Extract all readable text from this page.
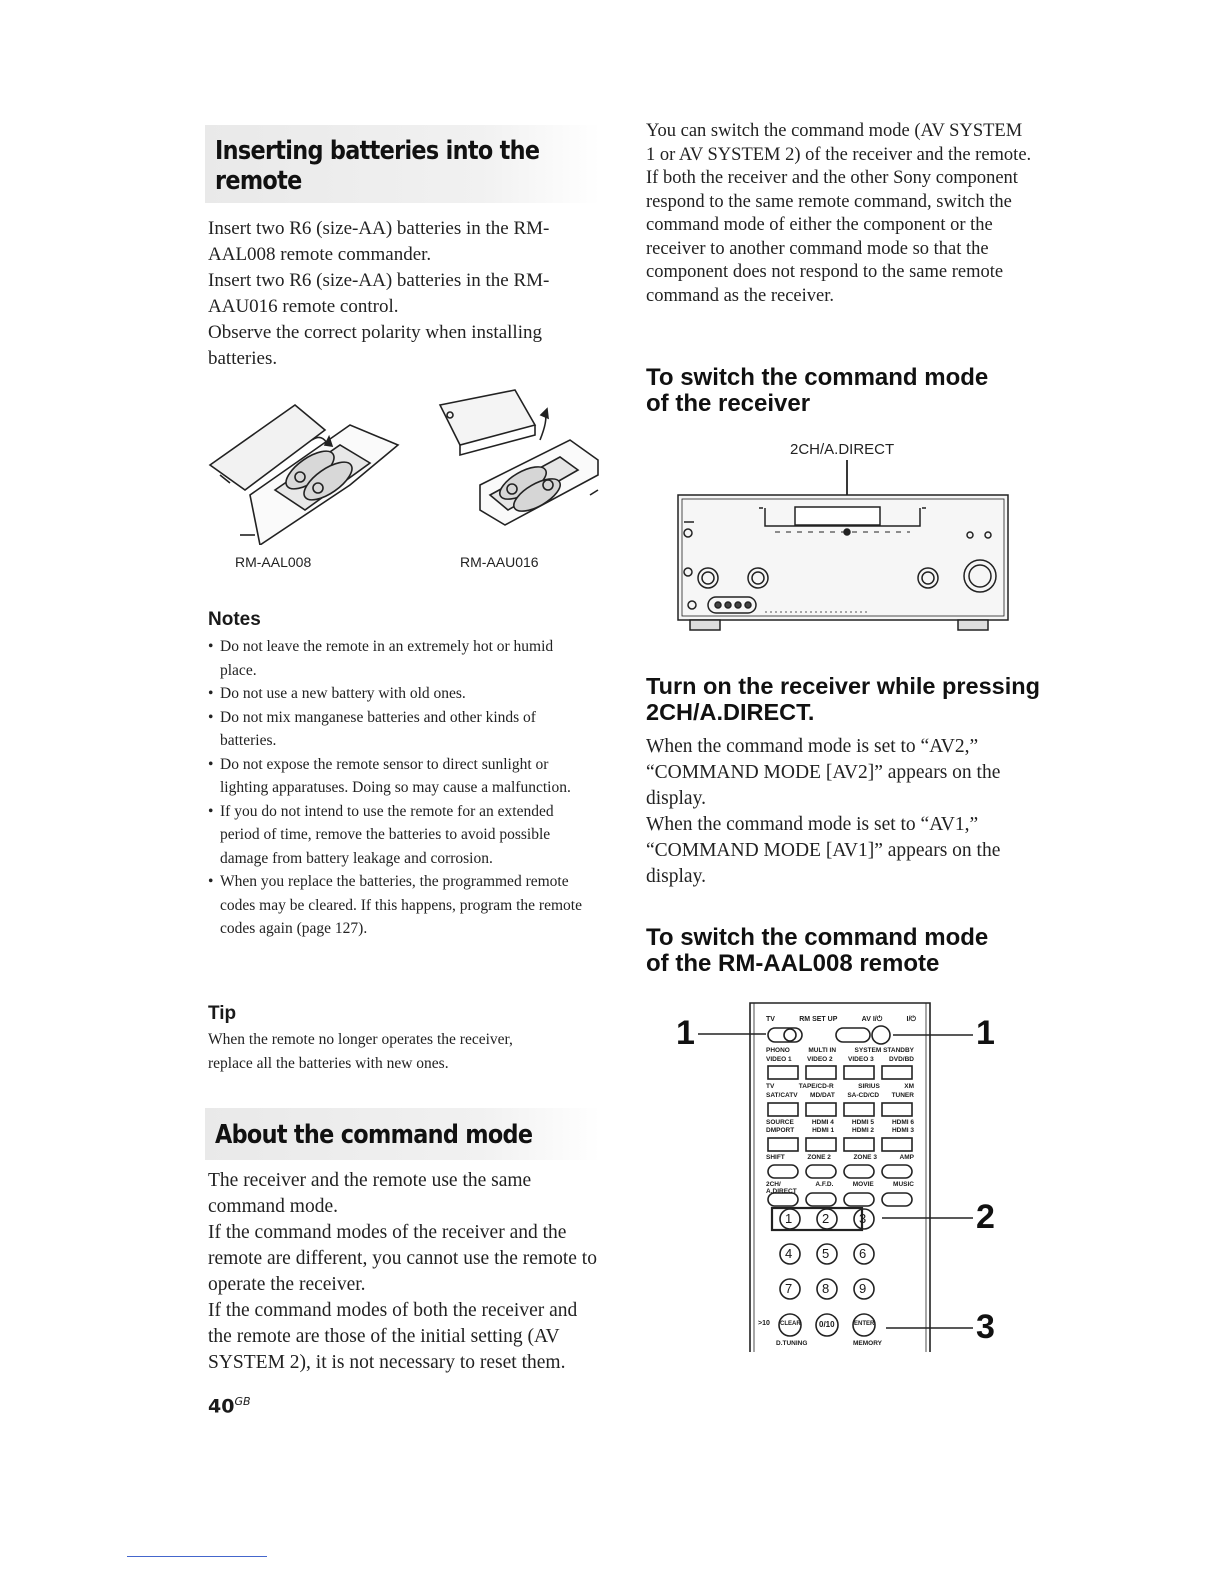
Inserting batteries into the
remote

Insert two R6 (size-AA) batteries in the RM-AAL008 remote commander.

Insert two R6 (size-AA) batteries in the RM-AAU016 remote control.

Observe the correct polarity when installing batteries.

RM-AAL008	RM-AAU016
Notes
• Do not leave the remote in an extremely hot or humid place.
• Do not use a new battery with old ones.
• Do not mix manganese batteries and other kinds of batteries.
• Do not expose the remote sensor to direct sunlight or lighting apparatuses. Doing so may cause a malfunction.
• If you do not intend to use the remote for an extended period of time, remove the batteries to avoid possible damage from battery leakage and corrosion.
• When you replace the batteries, the programmed remote codes may be cleared. If this happens, program the remote codes again (page 127).
Tip
When the remote no longer operates the receiver, replace all the batteries with new ones.
About the command mode

The receiver and the remote use the same command mode.

If the command modes of the receiver and the remote are different, you cannot use the remote to operate the receiver.

If the command modes of both the receiver and the remote are those of the initial setting (AV SYSTEM 2), it is not necessary to reset them.

$40^{GB}$
You can switch the command mode (AV SYSTEM 1 or AV SYSTEM 2) of the receiver and the remote. If both the receiver and the other Sony component respond to the same remote command, switch the command mode of either the component or the receiver to another command mode so that the component does not respond to the same remote command as the receiver.
To switch the command mode
of the receiver
2CH/A.DIRECT
Turn on the receiver while pressing
2CH/A.DIRECT.

When the command mode is set to “AV2,” “COMMAND MODE [AV2]” appears on the display.

When the command mode is set to “AV1,” “COMMAND MODE [AV1]” appears on the display.

To switch the command mode
of the RM-AAL008 remote
1	1
2
3
TV	RM SET UP	AV I/⏻	I/⏻
PHONO	MULTI IN	SYSTEM STANDBY
VIDEO 1 VIDEO 2 VIDEO 3 DVD/BD
TV	TAPE/CD-R	SIRIUS	XM
SAT/CATV MD/DAT SA-CD/CD TUNER
SOURCE	HDMI 4	HDMI 5	HDMI 6
DMPORT	HDMI 1	HDMI 2	HDMI 3
SHIFT	ZONE 2	ZONE 3	AMP
2CH/ A.DIRECT
A.F.D.	MOVIE	MUSIC
1 2 3
4 5 6
7 8 9
CLEAR 0/10	ENTER
>10
D.TUNING	MEMORY
